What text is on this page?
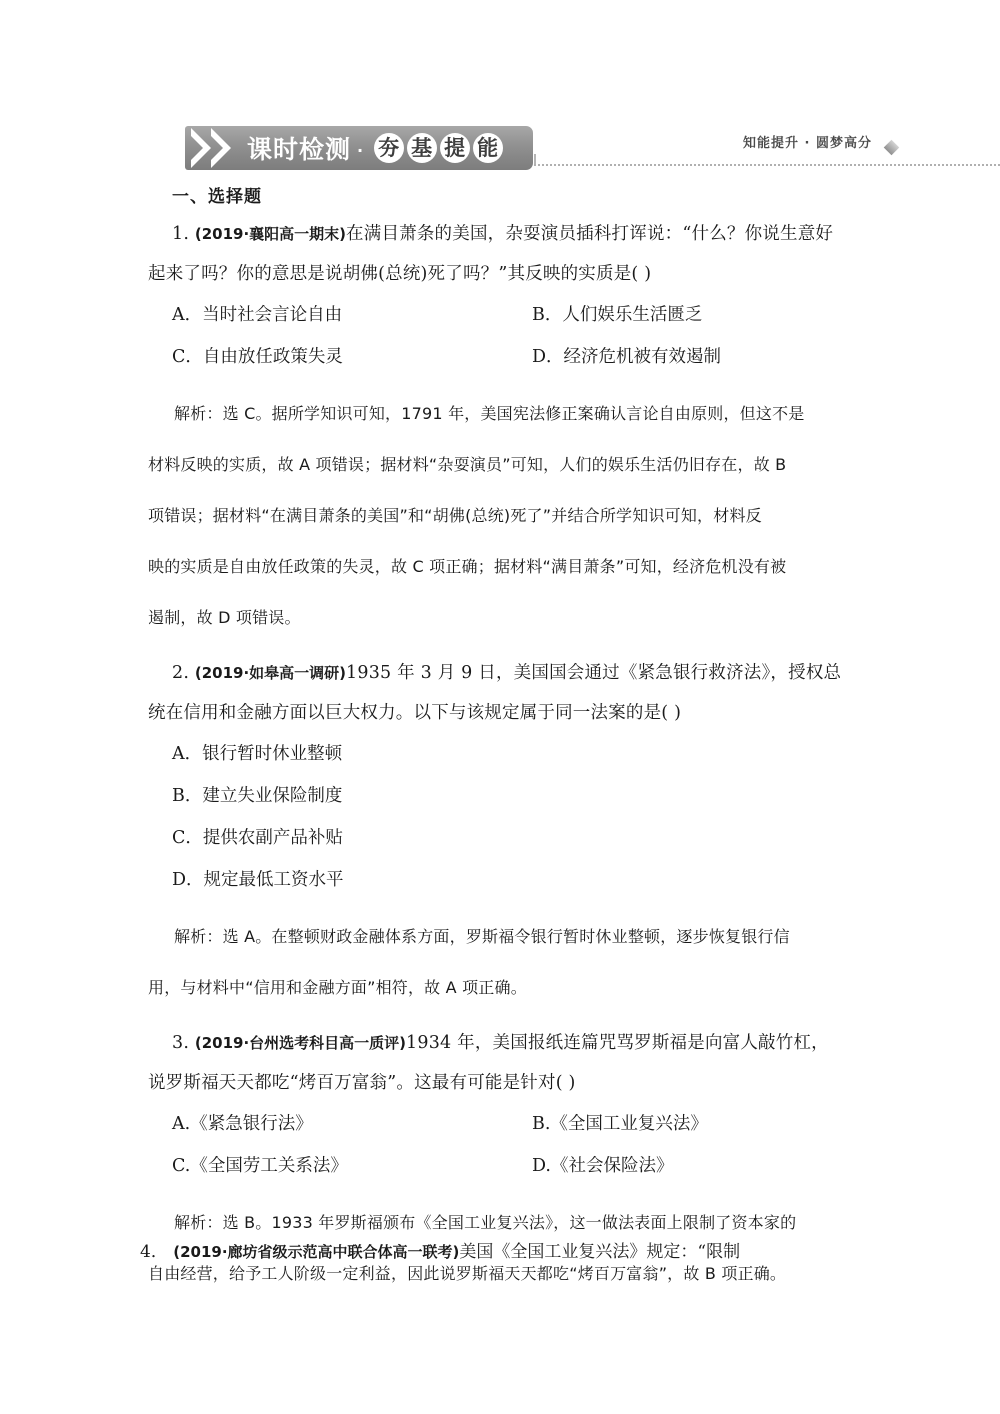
课时检测 · 夯 基 提 能	知能提升 · 圆梦高分
一、选择题
1. (2019·襄阳高一期末)在满目萧条的美国，杂耍演员插科打诨说：“什么？你说生意好
起来了吗？你的意思是说胡佛(总统)死了吗？”其反映的实质是( )
A．当时社会言论自由	B．人们娱乐生活匮乏
C．自由放任政策失灵	D．经济危机被有效遏制
解析：选 C。据所学知识可知，1791 年，美国宪法修正案确认言论自由原则，但这不是
材料反映的实质，故 A 项错误；据材料“杂耍演员”可知，人们的娱乐生活仍旧存在，故 B
项错误；据材料“在满目萧条的美国”和“胡佛(总统)死了”并结合所学知识可知，材料反
映的实质是自由放任政策的失灵，故 C 项正确；据材料“满目萧条”可知，经济危机没有被
遏制，故 D 项错误。
2. (2019·如皋高一调研)1935 年 3 月 9 日，美国国会通过《紧急银行救济法》，授权总
统在信用和金融方面以巨大权力。以下与该规定属于同一法案的是( )
A．银行暂时休业整顿
B．建立失业保险制度
C．提供农副产品补贴
D．规定最低工资水平
解析：选 A。在整顿财政金融体系方面，罗斯福令银行暂时休业整顿，逐步恢复银行信
用，与材料中“信用和金融方面”相符，故 A 项正确。
3. (2019·台州选考科目高一质评)1934 年，美国报纸连篇咒骂罗斯福是向富人敲竹杠，
说罗斯福天天都吃“烤百万富翁”。这最有可能是针对( )
A.《紧急银行法》	B.《全国工业复兴法》
C.《全国劳工关系法》	D.《社会保险法》
解析：选 B。1933 年罗斯福颁布《全国工业复兴法》，这一做法表面上限制了资本家的
自由经营，给予工人阶级一定利益，因此说罗斯福天天都吃“烤百万富翁”，故 B 项正确。
4． (2019·廊坊省级示范高中联合体高一联考)美国《全国工业复兴法》规定：“限制
